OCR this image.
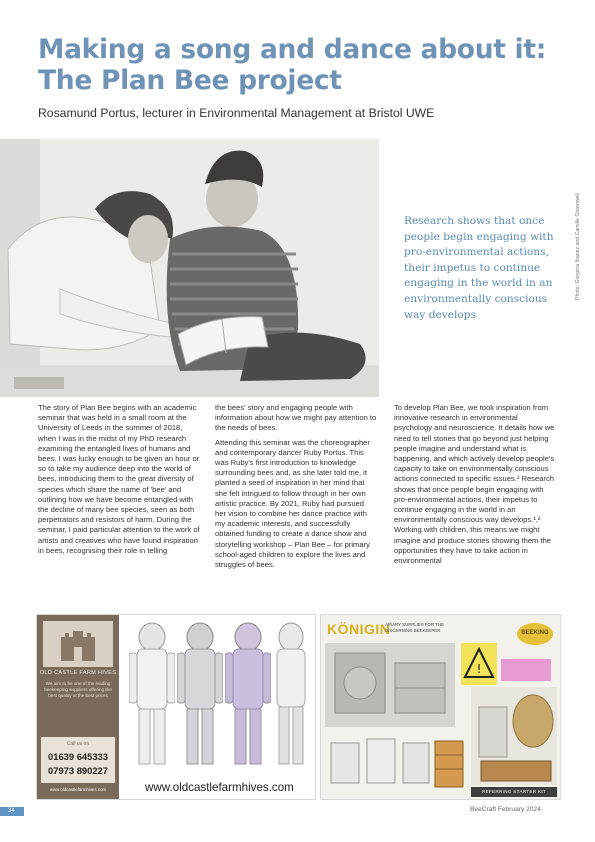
Making a song and dance about it:
The Plan Bee project
Rosamund Portus, lecturer in Environmental Management at Bristol UWE

Research shows that once people begin engaging with pro-environmental actions, their impetus to continue engaging in the world in an environmentally conscious way develops

Photo: Giorgina Ibanez and Camille Greenwell

The story of Plan Bee begins with an academic seminar that was held in a small room at the University of Leeds in the summer of 2018, when I was in the midst of my PhD research examining the entangled lives of humans and bees. I was lucky enough to be given an hour or so to take my audience deep into the world of bees, introducing them to the great diversity of species which share the name of 'bee' and outlining how we have become entangled with the decline of many bee species, seen as both perpetrators and resistors of harm. During the seminar, I paid particular attention to the work of artists and creatives who have found inspiration in bees, recognising their role in telling

the bees' story and engaging people with information about how we might pay attention to the needs of bees.

Attending this seminar was the choreographer and contemporary dancer Ruby Portus. This was Ruby's first introduction to knowledge surrounding bees and, as she later told me, it planted a seed of inspiration in her mind that she felt intrigued to follow through in her own artistic practice. By 2021, Ruby had pursued her vision to combine her dance practice with my academic interests, and successfully obtained funding to create a dance show and storytelling workshop – Plan Bee – for primary school-aged children to explore the lives and struggles of bees.

To develop Plan Bee, we took inspiration from innovative research in environmental psychology and neuroscience. It details how we need to tell stories that go beyond just helping people imagine and understand what is happening, and which actively develop people's capacity to take on environmentally conscious actions connected to specific issues.¹ Research shows that once people begin engaging with pro-environmental actions, their impetus to continue engaging in the world in an environmentally conscious way develops.¹,² Working with children, this means we might imagine and produce stories showing them the opportunities they have to take action in environmental

OLD CASTLE FARM HIVES
We aim to be one of the leading beekeeping suppliers offering the best quality at the best prices
Call us on
01639 645333
07973 890227
www.oldcastlefarmhives.com	www.oldcastlefarmhives.com
KÖNIGIN
APIARY SUPPLIES FOR THE DISCERNING BEEKEEPER	BEEKING
!
REFERRING STARTER KIT
34	BeeCraft February 2024
